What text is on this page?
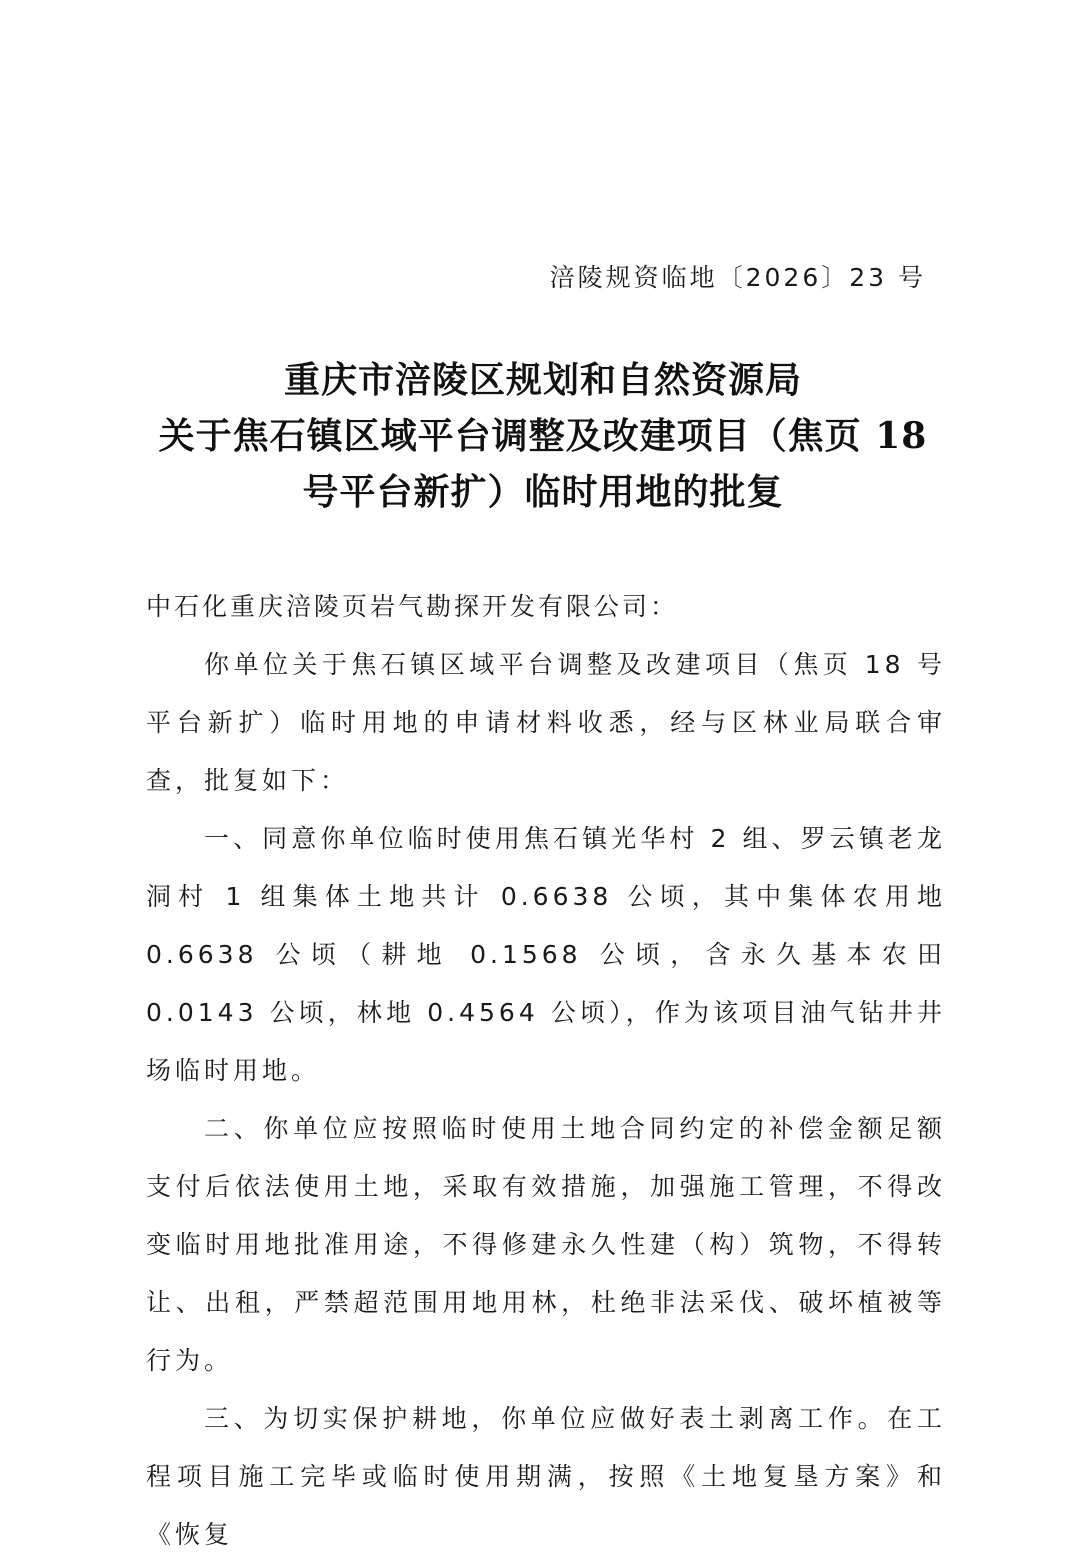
涪陵规资临地〔2026〕23 号
重庆市涪陵区规划和自然资源局
关于焦石镇区域平台调整及改建项目（焦页 18
号平台新扩）临时用地的批复

中石化重庆涪陵页岩气勘探开发有限公司：

你单位关于焦石镇区域平台调整及改建项目（焦页 18 号平台新扩）临时用地的申请材料收悉，经与区林业局联合审查，批复如下：

一、同意你单位临时使用焦石镇光华村 2 组、罗云镇老龙洞村 1 组集体土地共计 0.6638 公顷，其中集体农用地 0.6638 公顷（耕地 0.1568 公顷，含永久基本农田 0.0143 公顷，林地 0.4564 公顷），作为该项目油气钻井井场临时用地。

二、你单位应按照临时使用土地合同约定的补偿金额足额支付后依法使用土地，采取有效措施，加强施工管理，不得改变临时用地批准用途，不得修建永久性建（构）筑物，不得转让、出租，严禁超范围用地用林，杜绝非法采伐、破坏植被等行为。

三、为切实保护耕地，你单位应做好表土剥离工作。在工程项目施工完毕或临时使用期满，按照《土地复垦方案》和《恢复
